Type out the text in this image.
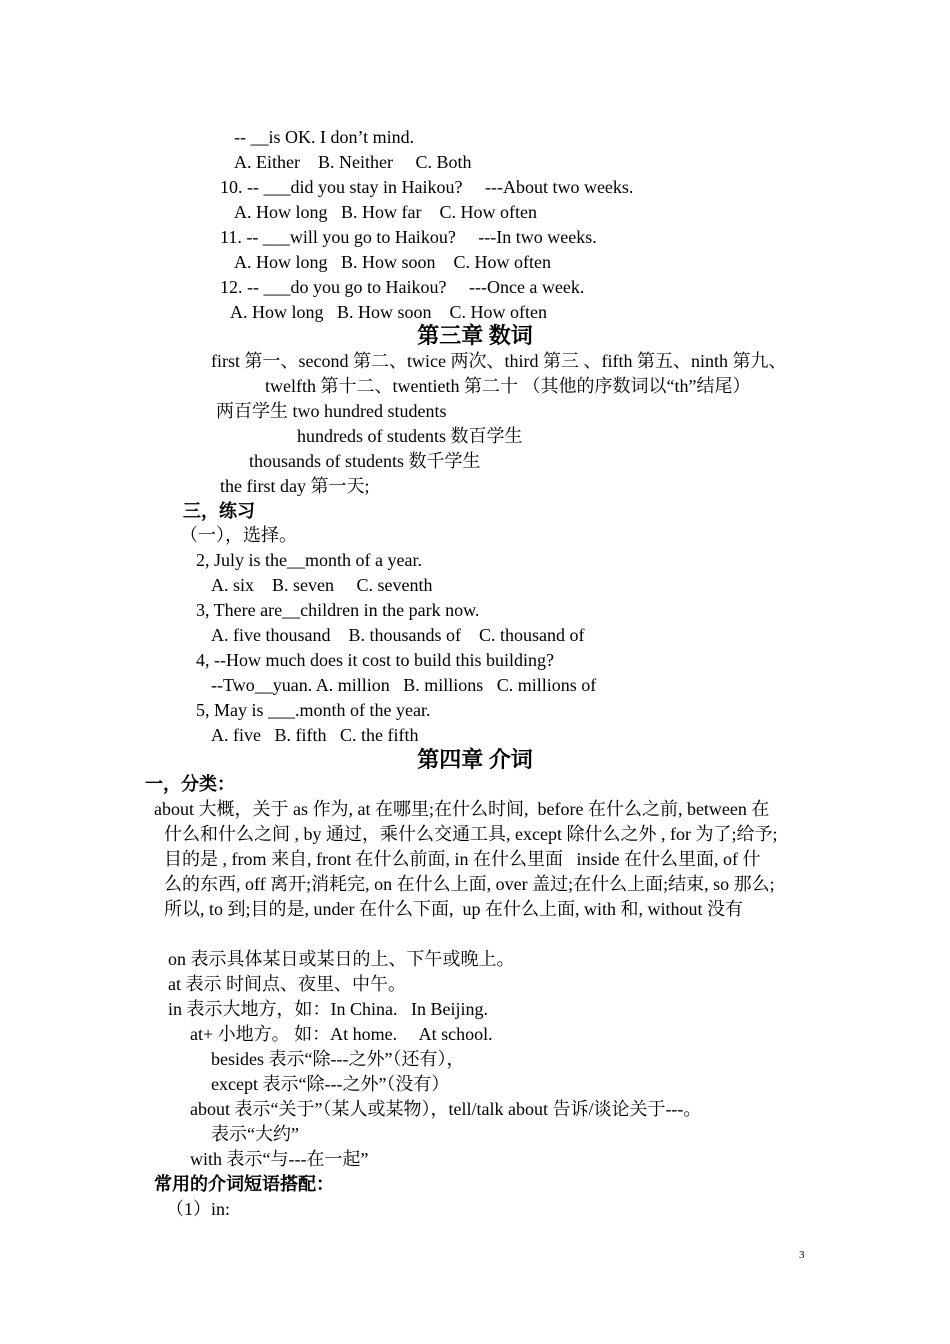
-- __is OK. I don’t mind.
A. Either    B. Neither     C. Both
10. -- ___did you stay in Haikou?     ---About two weeks.
A. How long   B. How far    C. How often
11. -- ___will you go to Haikou?     ---In two weeks.
A. How long   B. How soon    C. How often
12. -- ___do you go to Haikou?     ---Once a week.
A. How long   B. How soon    C. How often
第三章 数词
first 第一、second 第二、twice 两次、third 第三 、fifth 第五、ninth 第九、
twelfth 第十二、twentieth 第二十 （其他的序数词以“th”结尾）
两百学生 two hundred students
hundreds of students 数百学生
thousands of students 数千学生
the first day 第一天;
三，练习
（一），选择。
2, July is the__month of a year.
A. six    B. seven     C. seventh
3, There are__children in the park now.
A. five thousand    B. thousands of    C. thousand of
4, --How much does it cost to build this building?
--Two__yuan. A. million   B. millions   C. millions of
5, May is ___.month of the year.
A. five   B. fifth   C. the fifth
第四章 介词
一，分类：
about 大概，关于 as 作为, at 在哪里;在什么时间,  before 在什么之前, between 在
什么和什么之间 , by 通过，乘什么交通工具, except 除什么之外 , for 为了;给予;
目的是 , from 来自, front 在什么前面, in 在什么里面   inside 在什么里面, of 什
么的东西, off 离开;消耗完, on 在什么上面, over 盖过;在什么上面;结束, so 那么;
所以, to 到;目的是, under 在什么下面,  up 在什么上面, with 和, without 没有
on 表示具体某日或某日的上、下午或晚上。
at 表示 时间点、夜里、中午。
in 表示大地方，如：In China.   In Beijing.
at+ 小地方。 如：At home.     At school.
besides 表示“除---之外”（还有），
except 表示“除---之外”（没有）
about 表示“关于”（某人或某物），tell/talk about 告诉/谈论关于---。
表示“大约”
with 表示“与---在一起”
常用的介词短语搭配：
（1）in:
3
